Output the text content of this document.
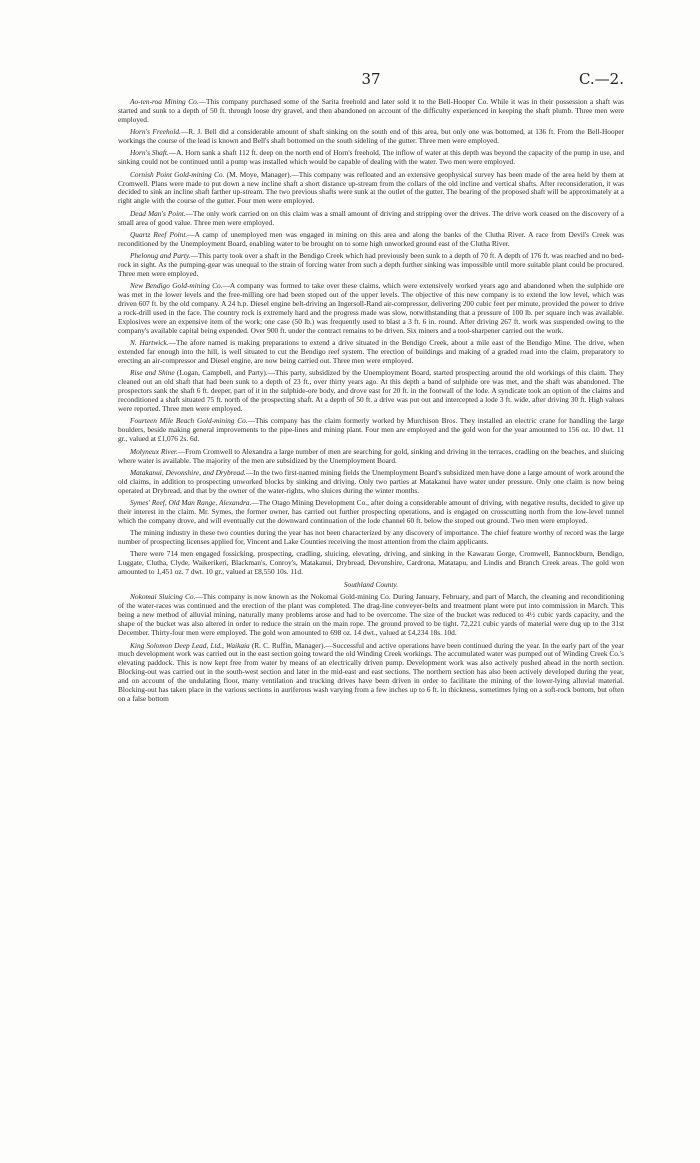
37	C.—2.

Ao-ten-roa Mining Co.—This company purchased some of the Sarita freehold and later sold it to the Bell-Hooper Co. While it was in their possession a shaft was started and sunk to a depth of 50 ft. through loose dry gravel, and then abandoned on account of the difficulty experienced in keeping the shaft plumb. Three men were employed.

Horn's Freehold.—R. J. Bell did a considerable amount of shaft sinking on the south end of this area, but only one was bottomed, at 136 ft. From the Bell-Hooper workings the course of the lead is known and Bell's shaft bottomed on the south sideling of the gutter. Three men were employed.

Horn's Shaft.—A. Horn sank a shaft 112 ft. deep on the north end of Horn's freehold. The inflow of water at this depth was beyond the capacity of the pump in use, and sinking could not be continued until a pump was installed which would be capable of dealing with the water. Two men were employed.

Cornish Point Gold-mining Co. (M. Moye, Manager).—This company was refloated and an extensive geophysical survey has been made of the area held by them at Cromwell. Plans were made to put down a new incline shaft a short distance up-stream from the collars of the old incline and vertical shafts. After reconsideration, it was decided to sink an incline shaft farther up-stream. The two previous shafts were sunk at the outlet of the gutter. The bearing of the proposed shaft will be approximately at a right angle with the course of the gutter. Four men were employed.

Dead Man's Point.—The only work carried on on this claim was a small amount of driving and stripping over the drives. The drive work ceased on the discovery of a small area of good value. Three men were employed.

Quartz Reef Point.—A camp of unemployed men was engaged in mining on this area and along the banks of the Clutha River. A race from Devil's Creek was reconditioned by the Unemployment Board, enabling water to be brought on to some high unworked ground east of the Clutha River.

Phelonug and Party.—This party took over a shaft in the Bendigo Creek which had previously been sunk to a depth of 70 ft. A depth of 176 ft. was reached and no bed-rock in sight. As the pumping-gear was unequal to the strain of forcing water from such a depth further sinking was impossible until more suitable plant could be procured. Three men were employed.

New Bendigo Gold-mining Co.—A company was formed to take over these claims, which were extensively worked years ago and abandoned when the sulphide ore was met in the lower levels and the free-milling ore had been stoped out of the upper levels. The objective of this new company is to extend the low level, which was driven 607 ft. by the old company. A 24 h.p. Diesel engine belt-driving an Ingersoll-Rand air-compressor, delivering 200 cubic feet per minute, provided the power to drive a rock-drill used in the face. The country rock is extremely hard and the progress made was slow, notwithstanding that a pressure of 100 lb. per square inch was available. Explosives were an expensive item of the work; one case (50 lb.) was frequently used to blast a 3 ft. 6 in. round. After driving 267 ft. work was suspended owing to the company's available capital being expended. Over 900 ft. under the contract remains to be driven. Six miners and a tool-sharpener carried out the work.

N. Hartwick.—The afore named is making preparations to extend a drive situated in the Bendigo Creek, about a mile east of the Bendigo Mine. The drive, when extended far enough into the hill, is well situated to cut the Bendigo reef system. The erection of buildings and making of a graded road into the claim, preparatory to erecting an air-compressor and Diesel engine, are now being carried out. Three men were employed.

Rise and Shine (Logan, Campbell, and Party).—This party, subsidized by the Unemployment Board, started prospecting around the old workings of this claim. They cleaned out an old shaft that had been sunk to a depth of 23 ft., over thirty years ago. At this depth a band of sulphide ore was met, and the shaft was abandoned. The prospectors sank the shaft 6 ft. deeper, part of it in the sulphide-ore body, and drove east for 20 ft. in the footwall of the lode. A syndicate took an option of the claims and reconditioned a shaft situated 75 ft. north of the prospecting shaft. At a depth of 50 ft. a drive was put out and intercepted a lode 3 ft. wide, after driving 30 ft. High values were reported. Three men were employed.

Fourteen Mile Beach Gold-mining Co.—This company has the claim formerly worked by Murchison Bros. They installed an electric crane for handling the large boulders, beside making general improvements to the pipe-lines and mining plant. Four men are employed and the gold won for the year amounted to 156 oz. 10 dwt. 11 gr., valued at £1,076 2s. 6d.

Molyneux River.—From Cromwell to Alexandra a large number of men are searching for gold, sinking and driving in the terraces, cradling on the beaches, and sluicing where water is available. The majority of the men are subsidized by the Unemployment Board.

Matakanui, Devonshire, and Drybread.—In the two first-named mining fields the Unemployment Board's subsidized men have done a large amount of work around the old claims, in addition to prospecting unworked blocks by sinking and driving. Only two parties at Matakanui have water under pressure. Only one claim is now being operated at Drybread, and that by the owner of the water-rights, who sluices during the winter months.

Symes' Reef, Old Man Range, Alexandra.—The Otago Mining Development Co., after doing a considerable amount of driving, with negative results, decided to give up their interest in the claim. Mr. Symes, the former owner, has carried out further prospecting operations, and is engaged on crosscutting north from the low-level tunnel which the company drove, and will eventually cut the downward continuation of the lode channel 60 ft. below the stoped out ground. Two men were employed.

The mining industry in these two counties during the year has not been characterized by any discovery of importance. The chief feature worthy of record was the large number of prospecting licenses applied for, Vincent and Lake Counties receiving the most attention from the claim applicants.

There were 714 men engaged fossicking, prospecting, cradling, sluicing, elevating, driving, and sinking in the Kawarau Gorge, Cromwell, Bannockburn, Bendigo, Luggate, Clutha, Clyde, Waikerikeri, Blackman's, Conroy's, Matakanui, Drybread, Devonshire, Cardrona, Matatapu, and Lindis and Branch Creek areas. The gold won amounted to 1,451 oz. 7 dwt. 10 gr., valued at £8,550 10s. 11d.

Southland County.

Nokomai Sluicing Co.—This company is now known as the Nokomai Gold-mining Co. During January, February, and part of March, the cleaning and reconditioning of the water-races was continued and the erection of the plant was completed. The drag-line conveyer-belts and treatment plant were put into commission in March. This being a new method of alluvial mining, naturally many problems arose and had to be overcome. The size of the bucket was reduced to 4½ cubic yards capacity, and the shape of the bucket was also altered in order to reduce the strain on the main rope. The ground proved to be tight. 72,221 cubic yards of material were dug up to the 31st December. Thirty-four men were employed. The gold won amounted to 698 oz. 14 dwt., valued at £4,234 18s. 10d.

King Solomon Deep Lead, Ltd., Waikaia (R. C. Ruffin, Manager).—Successful and active operations have been continued during the year. In the early part of the year much development work was carried out in the east section going toward the old Winding Creek workings. The accumulated water was pumped out of Winding Creek Co.'s elevating paddock. This is now kept free from water by means of an electrically driven pump. Development work was also actively pushed ahead in the north section. Blocking-out was carried out in the south-west section and later in the mid-east and east sections. The northern section has also been actively developed during the year, and on account of the undulating floor, many ventilation and trucking drives have been driven in order to facilitate the mining of the lower-lying alluvial material. Blocking-out has taken place in the various sections in auriferous wash varying from a few inches up to 6 ft. in thickness, sometimes lying on a soft-rock bottom, but often on a false bottom
